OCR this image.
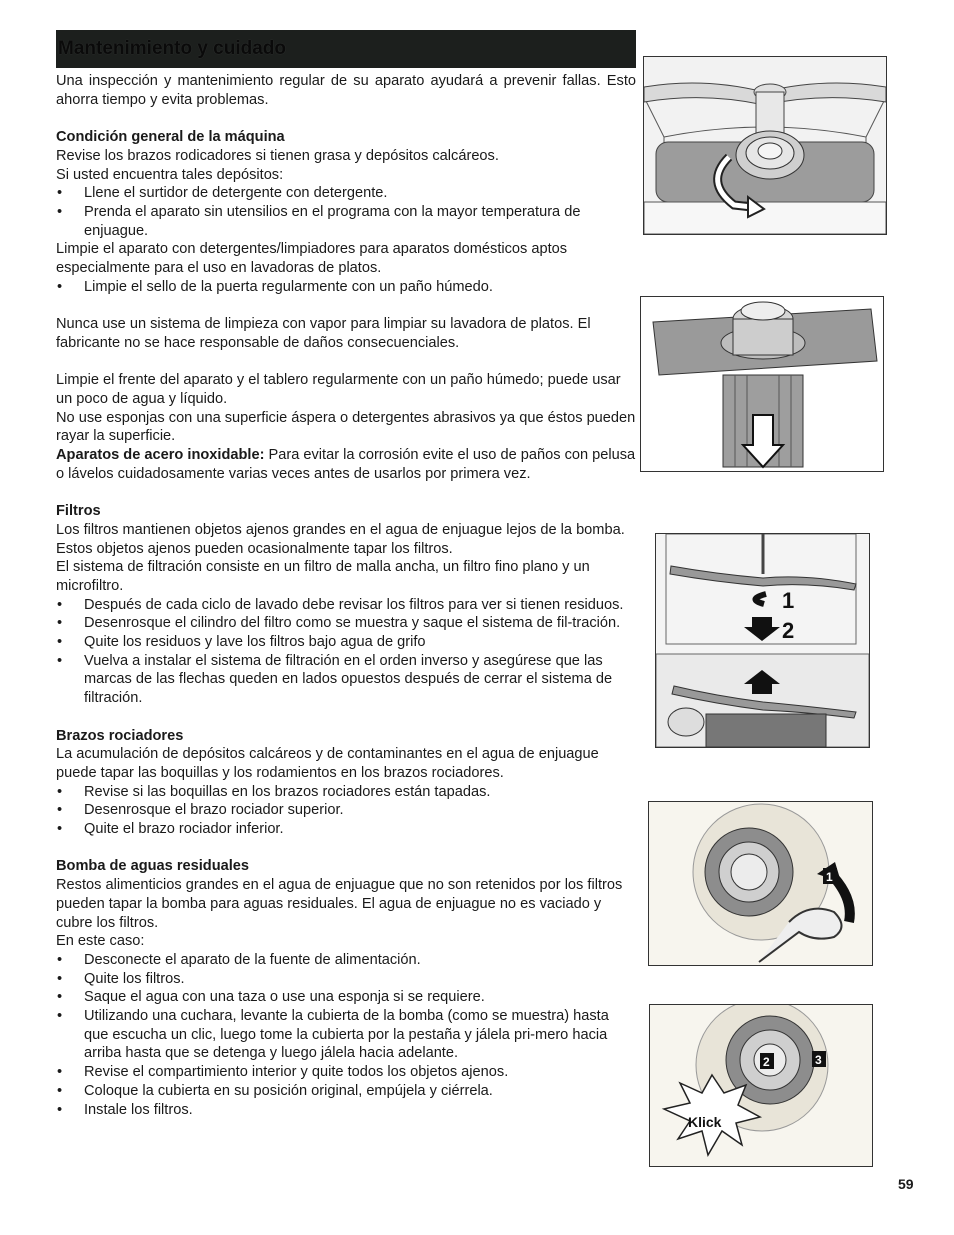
Mantenimiento y cuidado

Una inspección y mantenimiento regular de su aparato ayudará a prevenir fallas. Esto ahorra tiempo y evita problemas.

Condición general de la máquina

Revise los brazos rodicadores si tienen grasa y depósitos calcáreos.

Si usted encuentra tales depósitos:

• Llene el surtidor de detergente con detergente.

• Prenda el aparato sin utensilios en el programa con la mayor temperatura de enjuague.

Limpie el aparato con detergentes/limpiadores para aparatos domésticos aptos especialmente para el uso en lavadoras de platos.

• Limpie el sello de la puerta regularmente con un paño húmedo.

Nunca use un sistema de limpieza con vapor para limpiar su lavadora de platos. El fabricante no se hace responsable de daños consecuenciales.

Limpie el frente del aparato y el tablero regularmente con un paño húmedo; puede usar un poco de agua y líquido.

No use esponjas con una superficie áspera o detergentes abrasivos ya que éstos pueden rayar la superficie.

Aparatos de acero inoxidable: Para evitar la corrosión evite el uso de paños con pelusa o lávelos cuidadosamente varias veces antes de usarlos por primera vez.

Filtros

Los filtros mantienen objetos ajenos grandes en el agua de enjuague lejos de la bomba. Estos objetos ajenos pueden ocasionalmente tapar los filtros.

El sistema de filtración consiste en un filtro de malla ancha, un filtro fino plano y un microfiltro.

• Después de cada ciclo de lavado debe revisar los filtros para ver si tienen residuos.

• Desenrosque el cilindro del filtro como se muestra y saque el sistema de fil-tración.

• Quite los residuos y lave los filtros bajo agua de grifo

• Vuelva a instalar el sistema de filtración en el orden inverso y asegúrese que las marcas de las flechas queden en lados opuestos después de cerrar el sistema de filtración.

Brazos rociadores

La acumulación de depósitos calcáreos y de contaminantes en el agua de enjuague puede tapar las boquillas y los rodamientos en los brazos rociadores.

• Revise si las boquillas en los brazos rociadores están tapadas.

• Desenrosque el brazo rociador superior.

• Quite el brazo rociador inferior.

Bomba de aguas residuales

Restos alimenticios grandes en el agua de enjuague que no son retenidos por los filtros pueden tapar la bomba para aguas residuales. El agua de enjuague no es vaciado y cubre los filtros.

En este caso:

• Desconecte el aparato de la fuente de alimentación.

• Quite los filtros.

• Saque el agua con una taza o use una esponja si se requiere.

• Utilizando una cuchara, levante la cubierta de la bomba (como se muestra) hasta que escucha un clic, luego tome la cubierta por la pestaña y jálela pri-mero hacia arriba hasta que se detenga y luego jálela hacia adelante.

• Revise el compartimiento interior y quite todos los objetos ajenos.

• Coloque la cubierta en su posición original, empújela y ciérrela.

• Instale los filtros.

1
2
1
2	3
Klick
59
